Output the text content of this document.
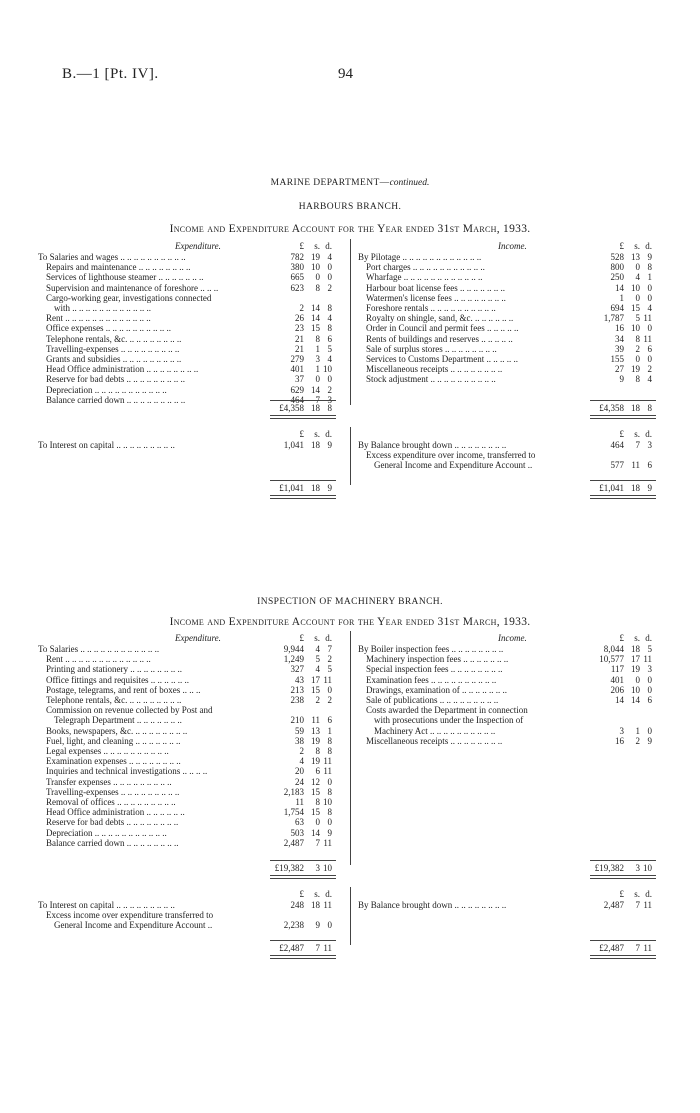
B.—1 [Pt. IV].	94
MARINE DEPARTMENT—continued.
HARBOURS BRANCH.
Income and Expenditure Account for the Year ended 31st March, 1933.
Expenditure.	Income.
£	s. d.	£	s. d.
To Salaries and wages .. .. .. .. .. .. .. .. .. ..	782 19 4
Repairs and maintenance .. .. .. .. .. .. .. ..	380 10 0
Services of lighthouse steamer .. .. .. .. .. .. ..	665	0 0
Supervision and maintenance of foreshore .. .. ..	623	8 2
Cargo-working gear, investigations connected
with .. .. .. .. .. .. .. .. .. .. .. ..	2 14 8
Rent .. .. .. .. .. .. .. .. .. .. .. .. ..	26 14 4
Office expenses .. .. .. .. .. .. .. .. .. ..	23 15 8
Telephone rentals, &c. .. .. .. .. .. .. .. ..	21	8 6
Travelling-expenses .. .. .. .. .. .. .. .. ..	21	1 5
Grants and subsidies .. .. .. .. .. .. .. .. ..	279	3 4
Head Office administration .. .. .. .. .. .. .. ..	401	1 10
Reserve for bad debts .. .. .. .. .. .. .. .. ..	37	0 0
Depreciation .. .. .. .. .. .. .. .. .. .. ..	629 14 2
Balance carried down .. .. .. .. .. .. .. .. ..	464	7 3
By Pilotage .. .. .. .. .. .. .. .. .. .. .. ..	528 13 9
Port charges .. .. .. .. .. .. .. .. .. .. ..	800	0 8
Wharfage .. .. .. .. .. .. .. .. .. .. .. ..	250	4 1
Harbour boat license fees .. .. .. .. .. .. ..	14 10 0
Watermen's license fees .. .. .. .. .. .. .. ..	1	0 0
Foreshore rentals .. .. .. .. .. .. .. .. .. ..	694 15 4
Royalty on shingle, sand, &c. .. .. .. .. .. ..	1,787	5 11
Order in Council and permit fees .. .. .. .. ..	16 10 0
Rents of buildings and reserves .. .. .. .. ..	34	8 11
Sale of surplus stores .. .. .. .. .. .. .. ..	39	2 6
Services to Customs Department .. .. .. .. ..	155	0 0
Miscellaneous receipts .. .. .. .. .. .. .. ..	27 19 2
Stock adjustment .. .. .. .. .. .. .. .. .. ..	9	8 4
£4,358 18 8	£4,358 18 8
£	s. d.	£	s. d.
To Interest on capital .. .. .. .. .. .. .. .. ..	1,041 18 9	By Balance brought down .. .. .. .. .. .. .. ..	464	7 3
Excess expenditure over income, transferred to
General Income and Expenditure Account ..	577 11 6
£1,041 18 9	£1,041 18 9
INSPECTION OF MACHINERY BRANCH.
Income and Expenditure Account for the Year ended 31st March, 1933.
Expenditure.	Income.
£	s. d.	£	s. d.
To Salaries .. .. .. .. .. .. .. .. .. .. .. ..	9,944	4 7
Rent .. .. .. .. .. .. .. .. .. .. .. .. ..	1,249	5 2
Printing and stationery .. .. .. .. .. .. .. ..	327	4 5
Office fittings and requisites .. .. .. .. .. ..	43 17 11
Postage, telegrams, and rent of boxes .. .. ..	213 15 0
Telephone rentals, &c. .. .. .. .. .. .. .. ..	238	2 2
Commission on revenue collected by Post and
Telegraph Department .. .. .. .. .. .. ..	210 11 6
Books, newspapers, &c. .. .. .. .. .. .. .. ..	59 13 1
Fuel, light, and cleaning .. .. .. .. .. .. ..	38 19 8
Legal expenses .. .. .. .. .. .. .. .. .. ..	2	8 8
Examination expenses .. .. .. .. .. .. .. ..	4 19 11
Inquiries and technical investigations .. .. .. ..	20	6 11
Transfer expenses .. .. .. .. .. .. .. .. ..	24 12 0
Travelling-expenses .. .. .. .. .. .. .. .. ..	2,183 15 8
Removal of offices .. .. .. .. .. .. .. .. ..	11	8 10
Head Office administration .. .. .. .. .. ..	1,754 15 8
Reserve for bad debts .. .. .. .. .. .. .. ..	63	0 0
Depreciation .. .. .. .. .. .. .. .. .. .. ..	503 14 9
Balance carried down .. .. .. .. .. .. .. ..	2,487	7 11
By Boiler inspection fees .. .. .. .. .. .. .. ..	8,044 18 5
Machinery inspection fees .. .. .. .. .. .. ..	10,577 17 11
Special inspection fees .. .. .. .. .. .. .. ..	117 19 3
Examination fees .. .. .. .. .. .. .. .. .. ..	401	0 0
Drawings, examination of .. .. .. .. .. .. ..	206 10 0
Sale of publications .. .. .. .. .. .. .. .. ..	14 14 6
Costs awarded the Department in connection
with prosecutions under the Inspection of
Machinery Act .. .. .. .. .. .. .. .. .. ..	3	1 0
Miscellaneous receipts .. .. .. .. .. .. .. ..	16	2 9
£19,382	3 10	£19,382	3 10
£	s. d.	£	s. d.
To Interest on capital .. .. .. .. .. .. .. .. ..	248 18 11
Excess income over expenditure transferred to
General Income and Expenditure Account ..	2,238	9 0
By Balance brought down .. .. .. .. .. .. .. ..	2,487	7 11
£2,487	7 11	£2,487	7 11
